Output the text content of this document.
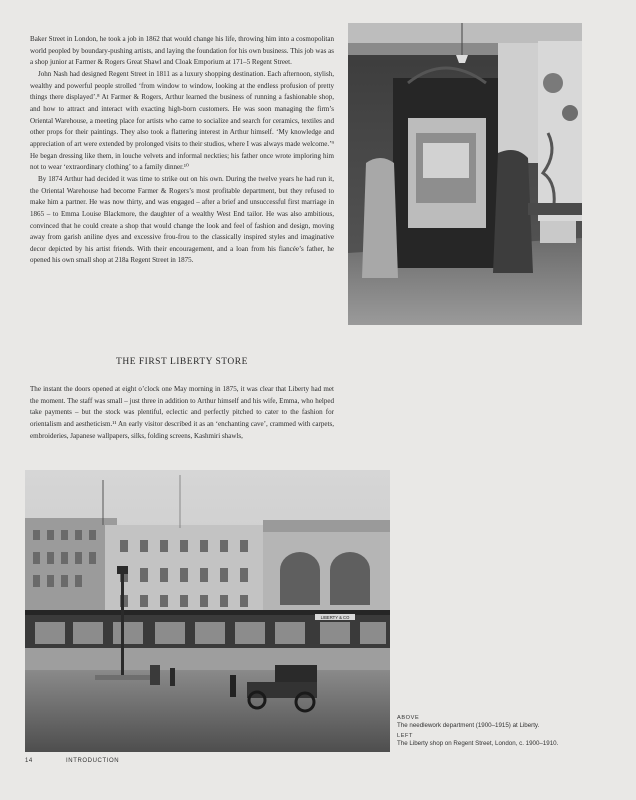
Baker Street in London, he took a job in 1862 that would change his life, throwing him into a cosmopolitan world peopled by boundary-pushing artists, and laying the foundation for his own business. This job was as a shop junior at Farmer & Rogers Great Shawl and Cloak Emporium at 171–5 Regent Street.

John Nash had designed Regent Street in 1811 as a luxury shopping destination. Each afternoon, stylish, wealthy and powerful people strolled ‘from window to window, looking at the endless profusion of pretty things there displayed’.⁸ At Farmer & Rogers, Arthur learned the business of running a fashionable shop, and how to attract and interact with exacting high-born customers. He was soon managing the firm’s Oriental Warehouse, a meeting place for artists who came to socialize and search for ceramics, textiles and other props for their paintings. They also took a flattering interest in Arthur himself. ‘My knowledge and appreciation of art were extended by prolonged visits to their studios, where I was always made welcome.’⁹ He began dressing like them, in louche velvets and informal neckties; his father once wrote imploring him not to wear ‘extraordinary clothing’ to a family dinner.¹⁰

By 1874 Arthur had decided it was time to strike out on his own. During the twelve years he had run it, the Oriental Warehouse had become Farmer & Rogers’s most profitable department, but they refused to make him a partner. He was now thirty, and was engaged – after a brief and unsuccessful first marriage in 1865 – to Emma Louise Blackmore, the daughter of a wealthy West End tailor. He was also ambitious, convinced that he could create a shop that would change the look and feel of fashion and design, moving away from garish aniline dyes and excessive frou-frou to the classically inspired styles and imaginative decor depicted by his artist friends. With their encouragement, and a loan from his fiancée’s father, he opened his own small shop at 218a Regent Street in 1875.

THE FIRST LIBERTY STORE

The instant the doors opened at eight o’clock one May morning in 1875, it was clear that Liberty had met the moment. The staff was small – just three in addition to Arthur himself and his wife, Emma, who helped take payments – but the stock was plentiful, eclectic and perfectly pitched to cater to the fashion for orientalism and aestheticism.¹¹ An early visitor described it as an ‘enchanting cave’, crammed with carpets, embroideries, Japanese wallpapers, silks, folding screens, Kashmiri shawls,

LIBERTY & CO
ABOVE
The needlework department (1900–1915) at Liberty.
LEFT
The Liberty shop on Regent Street, London, c. 1900–1910.
14	INTRODUCTION
